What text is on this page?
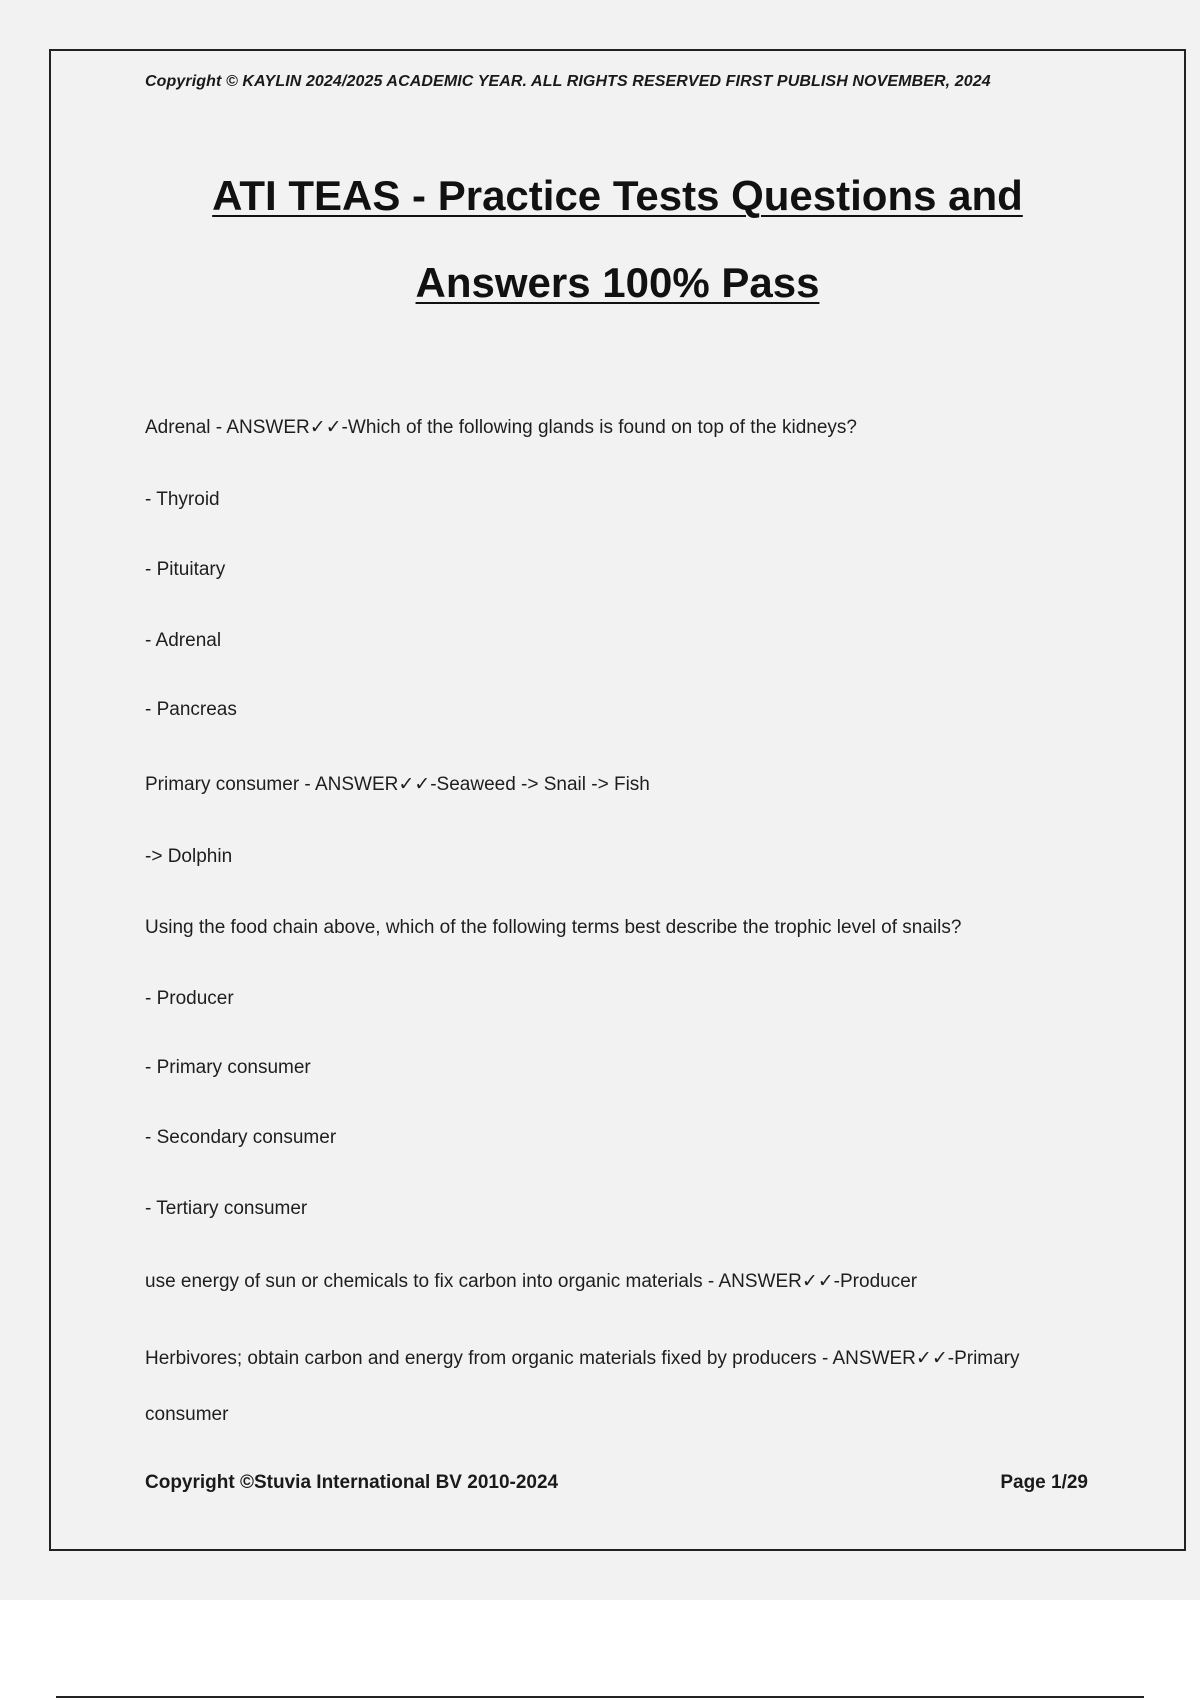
Copyright © KAYLIN 2024/2025 ACADEMIC YEAR. ALL RIGHTS RESERVED FIRST PUBLISH NOVEMBER, 2024
ATI TEAS - Practice Tests Questions and
Answers 100% Pass
Adrenal - ANSWER✓✓-Which of the following glands is found on top of the kidneys?
- Thyroid
- Pituitary
- Adrenal
- Pancreas
Primary consumer - ANSWER✓✓-Seaweed -> Snail -> Fish
-> Dolphin
Using the food chain above, which of the following terms best describe the trophic level of snails?
- Producer
- Primary consumer
- Secondary consumer
- Tertiary consumer
use energy of sun or chemicals to fix carbon into organic materials - ANSWER✓✓-Producer
Herbivores; obtain carbon and energy from organic materials fixed by producers - ANSWER✓✓-Primary
consumer
Copyright ©Stuvia International BV 2010-2024	Page 1/29
